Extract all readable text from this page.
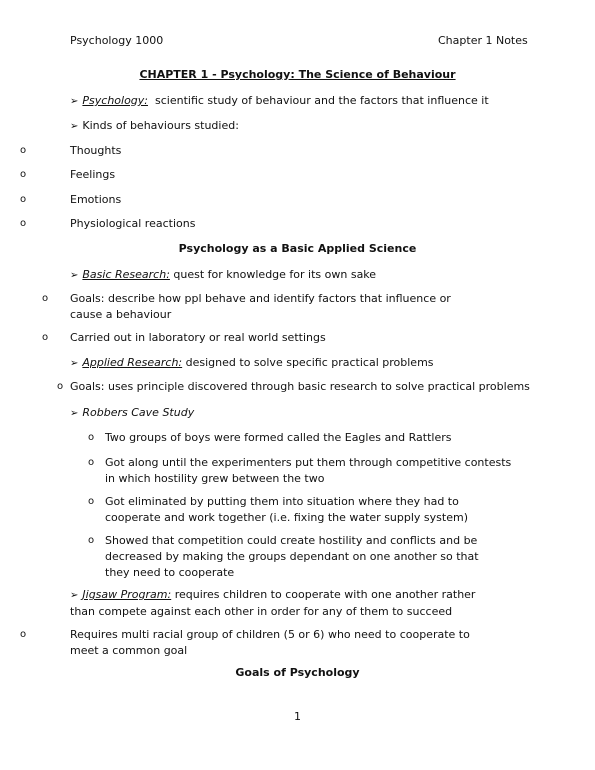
Psychology 1000	Chapter 1 Notes
CHAPTER 1 - Psychology: The Science of Behaviour
➢ Psychology: scientific study of behaviour and the factors that influence it
➢ Kinds of behaviours studied:
o	Thoughts
o	Feelings
o	Emotions
o	Physiological reactions
Psychology as a Basic Applied Science
➢ Basic Research: quest for knowledge for its own sake
o Goals: describe how ppl behave and identify factors that influence or cause a behaviour
o Carried out in laboratory or real world settings
➢ Applied Research: designed to solve specific practical problems
o Goals: uses principle discovered through basic research to solve practical problems
➢ Robbers Cave Study
o Two groups of boys were formed called the Eagles and Rattlers
o Got along until the experimenters put them through competitive contests in which hostility grew between the two
o Got eliminated by putting them into situation where they had to cooperate and work together (i.e. fixing the water supply system)
o Showed that competition could create hostility and conflicts and be decreased by making the groups dependant on one another so that they need to cooperate
➢ Jigsaw Program: requires children to cooperate with one another rather than compete against each other in order for any of them to succeed
o	Requires multi racial group of children (5 or 6) who need to cooperate to meet a common goal
Goals of Psychology
1
